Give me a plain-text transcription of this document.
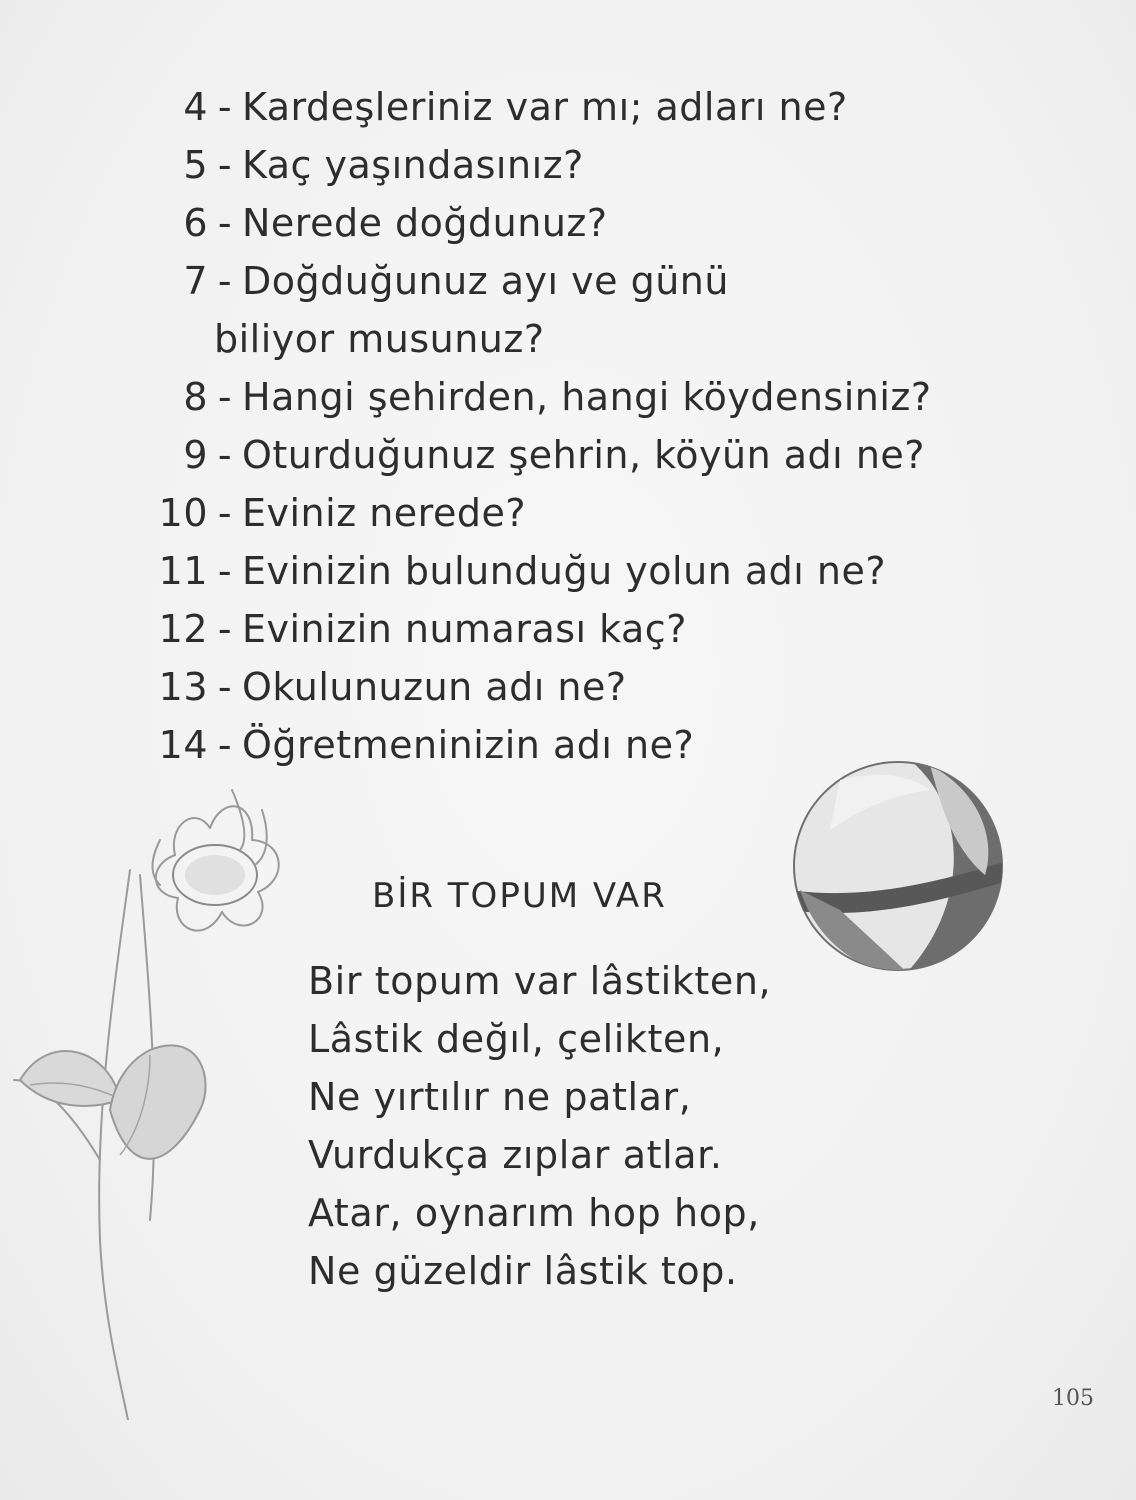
4 - Kardeşleriniz var mı; adları ne?
5 - Kaç yaşındasınız?
6 - Nerede doğdunuz?
7 - Doğduğunuz ayı ve günü
biliyor musunuz?
8 - Hangi şehirden, hangi köydensiniz?
9 - Oturduğunuz şehrin, köyün adı ne?
10 - Eviniz nerede?
11 - Evinizin bulunduğu yolun adı ne?
12 - Evinizin numarası kaç?
13 - Okulunuzun adı ne?
14 - Öğretmeninizin adı ne?
BİR TOPUM VAR
Bir topum var lâstikten,
Lâstik değıl, çelikten,
Ne yırtılır ne patlar,
Vurdukça zıplar atlar.
Atar, oynarım hop hop,
Ne güzeldir lâstik top.
105
